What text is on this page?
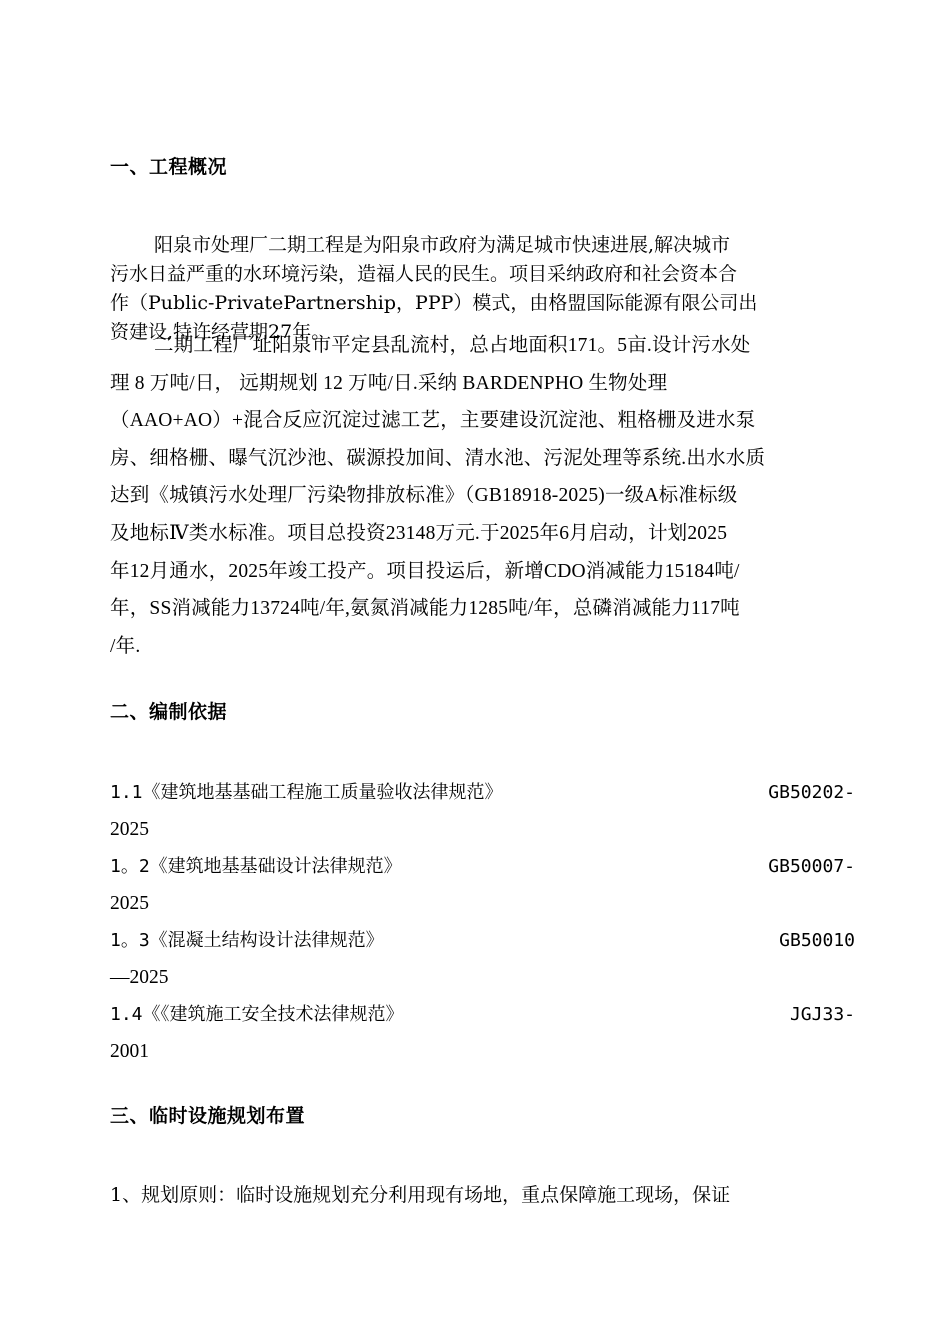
一、工程概况
阳泉市处理厂二期工程是为阳泉市政府为满足城市快速进展,解决城市
污水日益严重的水环境污染，造福人民的民生。项目采纳政府和社会资本合
作（Public-PrivatePartnership，PPP）模式，由格盟国际能源有限公司出
资建设,特许经营期27年。
二期工程厂址阳泉市平定县乱流村，总占地面积171。5亩.设计污水处
理 8 万吨/日， 远期规划 12 万吨/日.采纳 BARDENPHO 生物处理
（AAO+AO）+混合反应沉淀过滤工艺，主要建设沉淀池、粗格栅及进水泵
房、细格栅、曝气沉沙池、碳源投加间、清水池、污泥处理等系统.出水水质
达到《城镇污水处理厂污染物排放标准》（GB18918-2025)一级A标准标级
及地标Ⅳ类水标准。项目总投资23148万元.于2025年6月启动，计划2025
年12月通水，2025年竣工投产。项目投运后，新增CDO消减能力15184吨/
年，SS消减能力13724吨/年,氨氮消减能力1285吨/年，总磷消减能力117吨
/年.
二、编制依据
1.1《建筑地基基础工程施工质量验收法律规范》	GB50202-
2025
1。2《建筑地基基础设计法律规范》	GB50007-
2025
1。3《混凝土结构设计法律规范》	GB50010
—2025
1.4《《建筑施工安全技术法律规范》	JGJ33-
2001
三、临时设施规划布置
1、规划原则：临时设施规划充分利用现有场地，重点保障施工现场，保证
